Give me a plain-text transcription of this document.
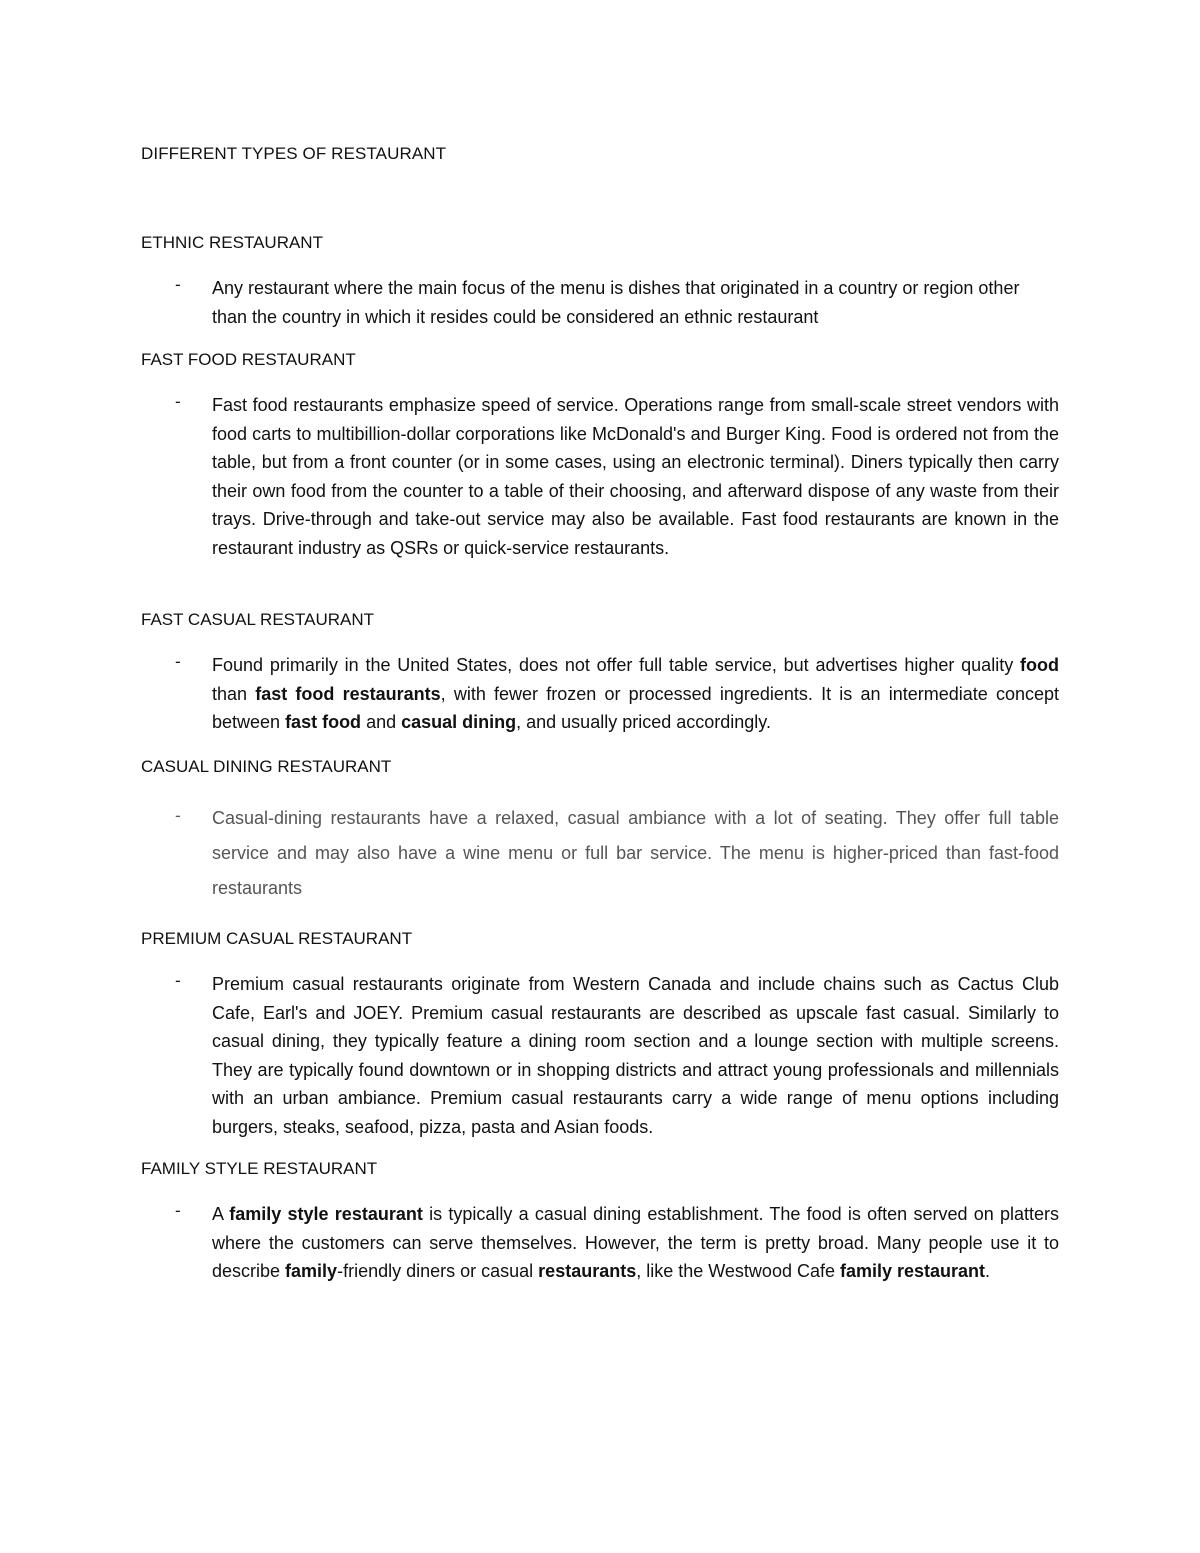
DIFFERENT TYPES OF RESTAURANT
ETHNIC RESTAURANT
- Any restaurant where the main focus of the menu is dishes that originated in a country or region other than the country in which it resides could be considered an ethnic restaurant

FAST FOOD RESTAURANT
- Fast food restaurants emphasize speed of service. Operations range from small-scale street vendors with food carts to multibillion-dollar corporations like McDonald's and Burger King. Food is ordered not from the table, but from a front counter (or in some cases, using an electronic terminal). Diners typically then carry their own food from the counter to a table of their choosing, and afterward dispose of any waste from their trays. Drive-through and take-out service may also be available. Fast food restaurants are known in the restaurant industry as QSRs or quick-service restaurants.

FAST CASUAL RESTAURANT
- Found primarily in the United States, does not offer full table service, but advertises higher quality food than fast food restaurants, with fewer frozen or processed ingredients. It is an intermediate concept between fast food and casual dining, and usually priced accordingly.

CASUAL DINING RESTAURANT
- Casual-dining restaurants have a relaxed, casual ambiance with a lot of seating. They offer full table service and may also have a wine menu or full bar service. The menu is higher-priced than fast-food restaurants

PREMIUM CASUAL RESTAURANT
- Premium casual restaurants originate from Western Canada and include chains such as Cactus Club Cafe, Earl's and JOEY. Premium casual restaurants are described as upscale fast casual. Similarly to casual dining, they typically feature a dining room section and a lounge section with multiple screens. They are typically found downtown or in shopping districts and attract young professionals and millennials with an urban ambiance. Premium casual restaurants carry a wide range of menu options including burgers, steaks, seafood, pizza, pasta and Asian foods.

FAMILY STYLE RESTAURANT
- A family style restaurant is typically a casual dining establishment. The food is often served on platters where the customers can serve themselves. However, the term is pretty broad. Many people use it to describe family-friendly diners or casual restaurants, like the Westwood Cafe family restaurant.
